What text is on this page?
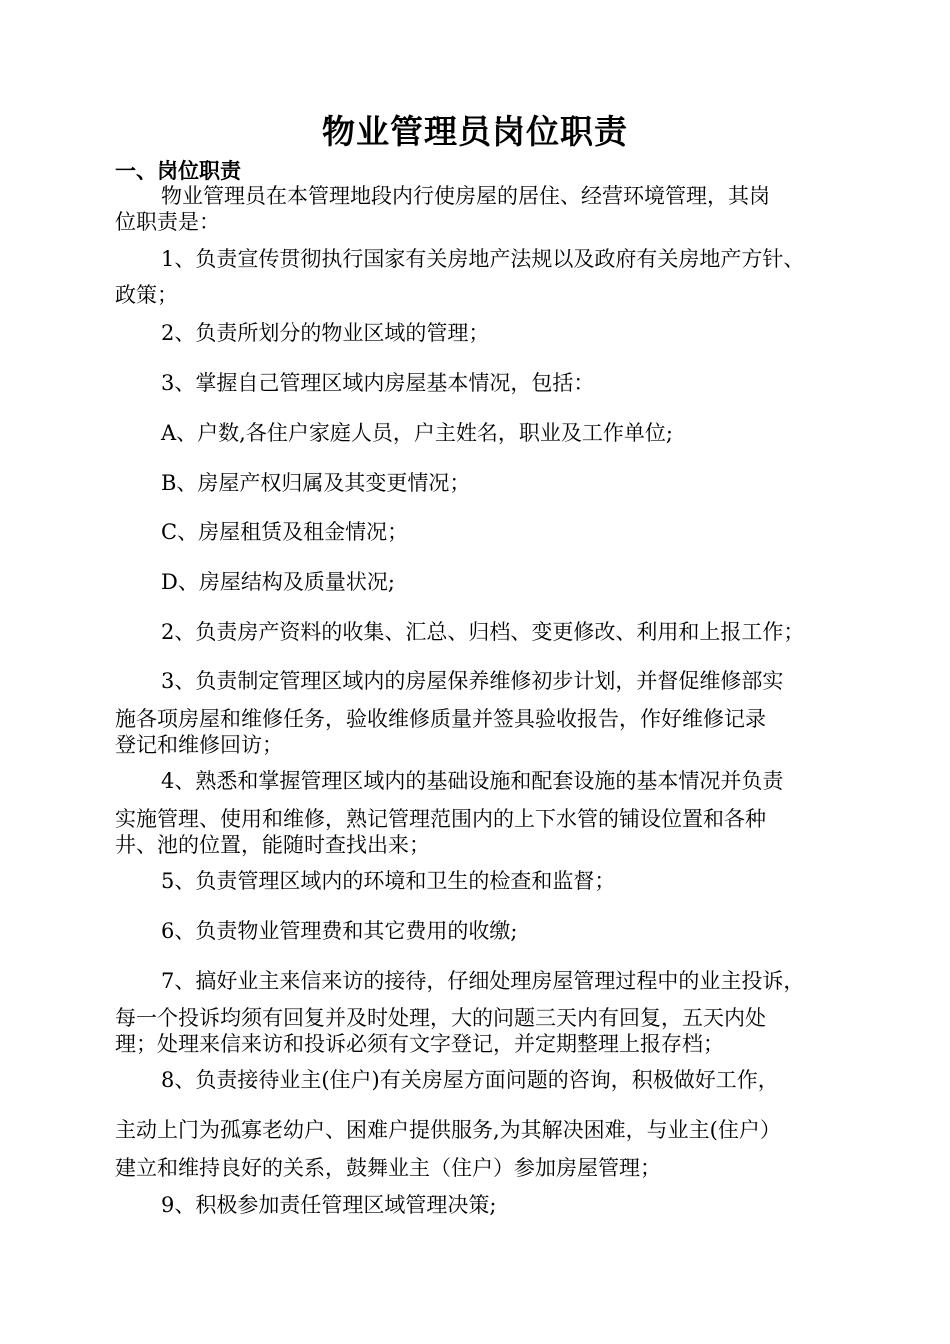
物业管理员岗位职责
一、岗位职责
物业管理员在本管理地段内行使房屋的居住、经营环境管理，其岗
位职责是：
1、负责宣传贯彻执行国家有关房地产法规以及政府有关房地产方针、
政策；
2、负责所划分的物业区域的管理；
3、掌握自己管理区域内房屋基本情况，包括：
A、户数,各住户家庭人员，户主姓名，职业及工作单位;
B、房屋产权归属及其变更情况；
C、房屋租赁及租金情况；
D、房屋结构及质量状况;
2、负责房产资料的收集、汇总、归档、变更修改、利用和上报工作；
3、负责制定管理区域内的房屋保养维修初步计划，并督促维修部实
施各项房屋和维修任务，验收维修质量并签具验收报告，作好维修记录
登记和维修回访；
4、熟悉和掌握管理区域内的基础设施和配套设施的基本情况并负责
实施管理、使用和维修，熟记管理范围内的上下水管的铺设位置和各种
井、池的位置，能随时查找出来；
5、负责管理区域内的环境和卫生的检查和监督；
6、负责物业管理费和其它费用的收缴;
7、搞好业主来信来访的接待，仔细处理房屋管理过程中的业主投诉，
每一个投诉均须有回复并及时处理，大的问题三天内有回复，五天内处
理；处理来信来访和投诉必须有文字登记，并定期整理上报存档；
8、负责接待业主(住户)有关房屋方面问题的咨询，积极做好工作，
主动上门为孤寡老幼户、困难户提供服务,为其解决困难，与业主(住户）
建立和维持良好的关系，鼓舞业主（住户）参加房屋管理；
9、积极参加责任管理区域管理决策;
